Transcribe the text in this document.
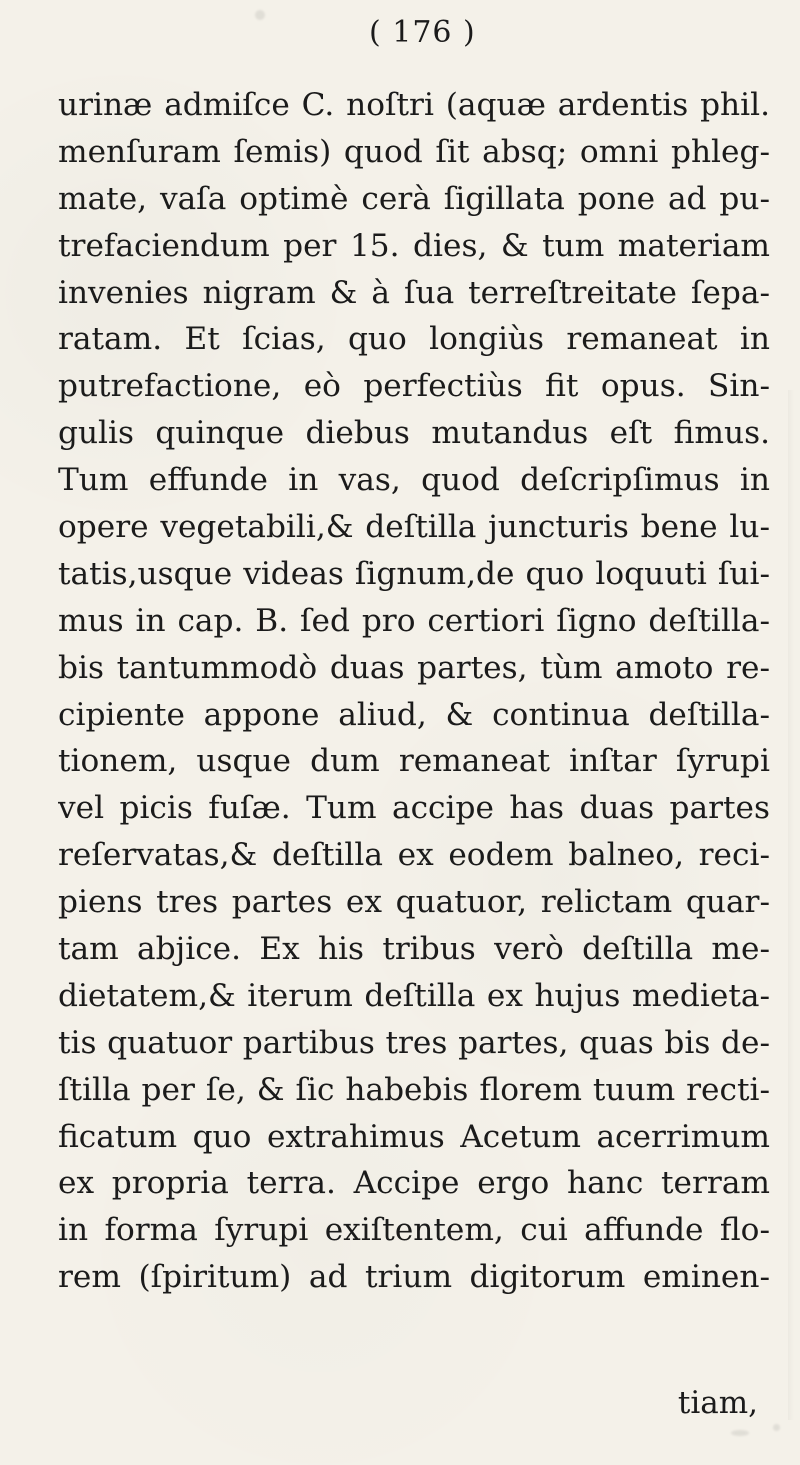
( 176 )
urinæ admiſce C. noſtri (aquæ ardentis phil.
menſuram ſemis) quod ſit absq; omni phleg-
mate, vaſa optimè cerà ſigillata pone ad pu-
trefaciendum per 15. dies, & tum materiam
invenies nigram & à ſua terreſtreitate ſepa-
ratam. Et ſcias, quo longiùs remaneat in
putrefactione, eò perfectiùs fit opus. Sin-
gulis quinque diebus mutandus eſt fimus.
Tum effunde in vas, quod deſcripſimus in
opere vegetabili,& deſtilla juncturis bene lu-
tatis,usque videas ſignum,de quo loquuti ſui-
mus in cap. B. ſed pro certiori ſigno deſtilla-
bis tantummodò duas partes, tùm amoto re-
cipiente appone aliud, & continua deſtilla-
tionem, usque dum remaneat inſtar ſyrupi
vel picis fuſæ. Tum accipe has duas partes
reſervatas,& deſtilla ex eodem balneo, reci-
piens tres partes ex quatuor, relictam quar-
tam abjice. Ex his tribus verò deſtilla me-
dietatem,& iterum deſtilla ex hujus medieta-
tis quatuor partibus tres partes, quas bis de-
ſtilla per ſe, & ſic habebis florem tuum recti-
ficatum quo extrahimus Acetum acerrimum
ex propria terra. Accipe ergo hanc terram
in forma ſyrupi exiſtentem, cui affunde flo-
rem (ſpiritum) ad trium digitorum eminen-
tiam,
